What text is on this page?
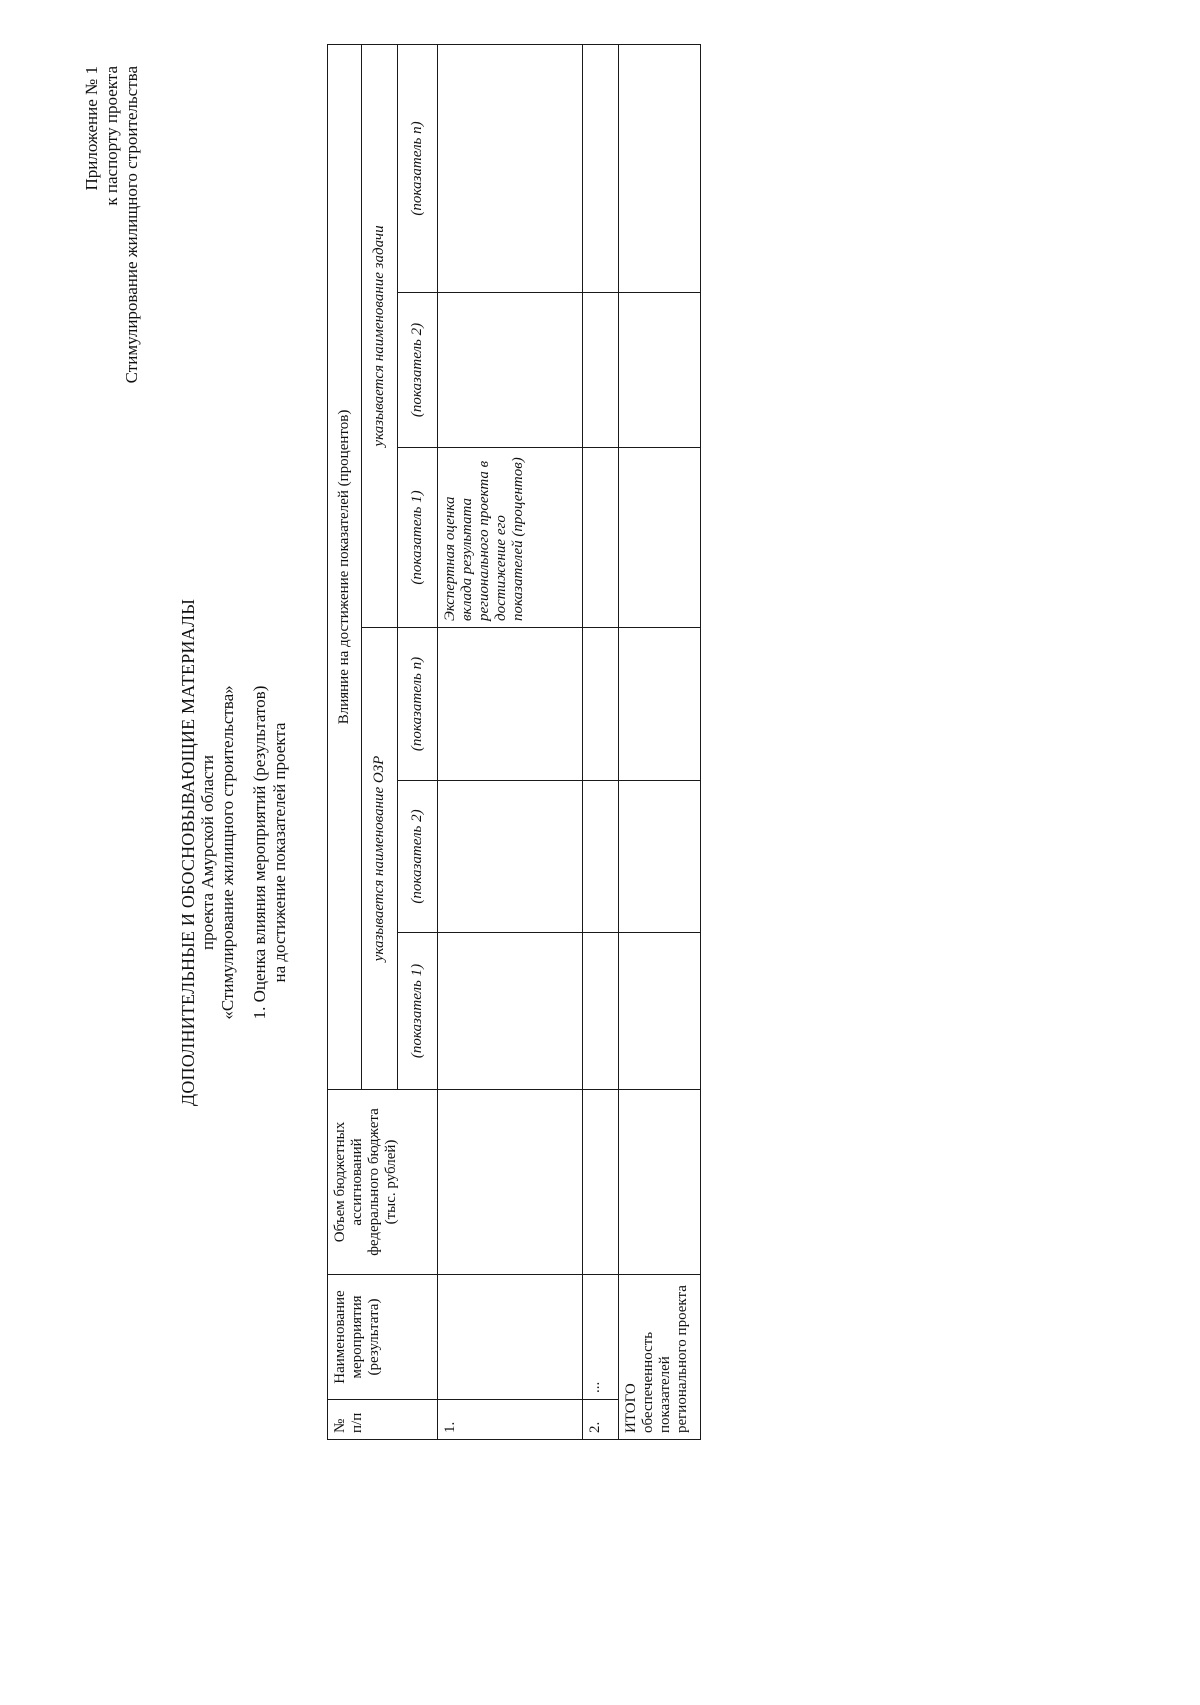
Приложение № 1 к паспорту проекта Стимулирование жилищного строительства
ДОПОЛНИТЕЛЬНЫЕ И ОБОСНОВЫВАЮЩИЕ МАТЕРИАЛЫ проекта Амурской области «Стимулирование жилищного строительства» 1. Оценка влияния мероприятий (результатов) на достижение показателей проекта
№ п/п	Наименование мероприятия (результата)	Объем бюджетных ассигнований федерального бюджета (тыс. рублей)	Влияние на достижение показателей (процентов)					
			указывается наименование ОЗР			указывается наименование задачи		
			(показатель 1)	(показатель 2)	(показатель n)	(показатель 1)	(показатель 2)	(показатель n)
1.						Экспертная оценка вклада результата регионального проекта в достижение его показателей (процентов)		
2.	...							
ИТОГО обеспеченность показателей регионального проекта								
